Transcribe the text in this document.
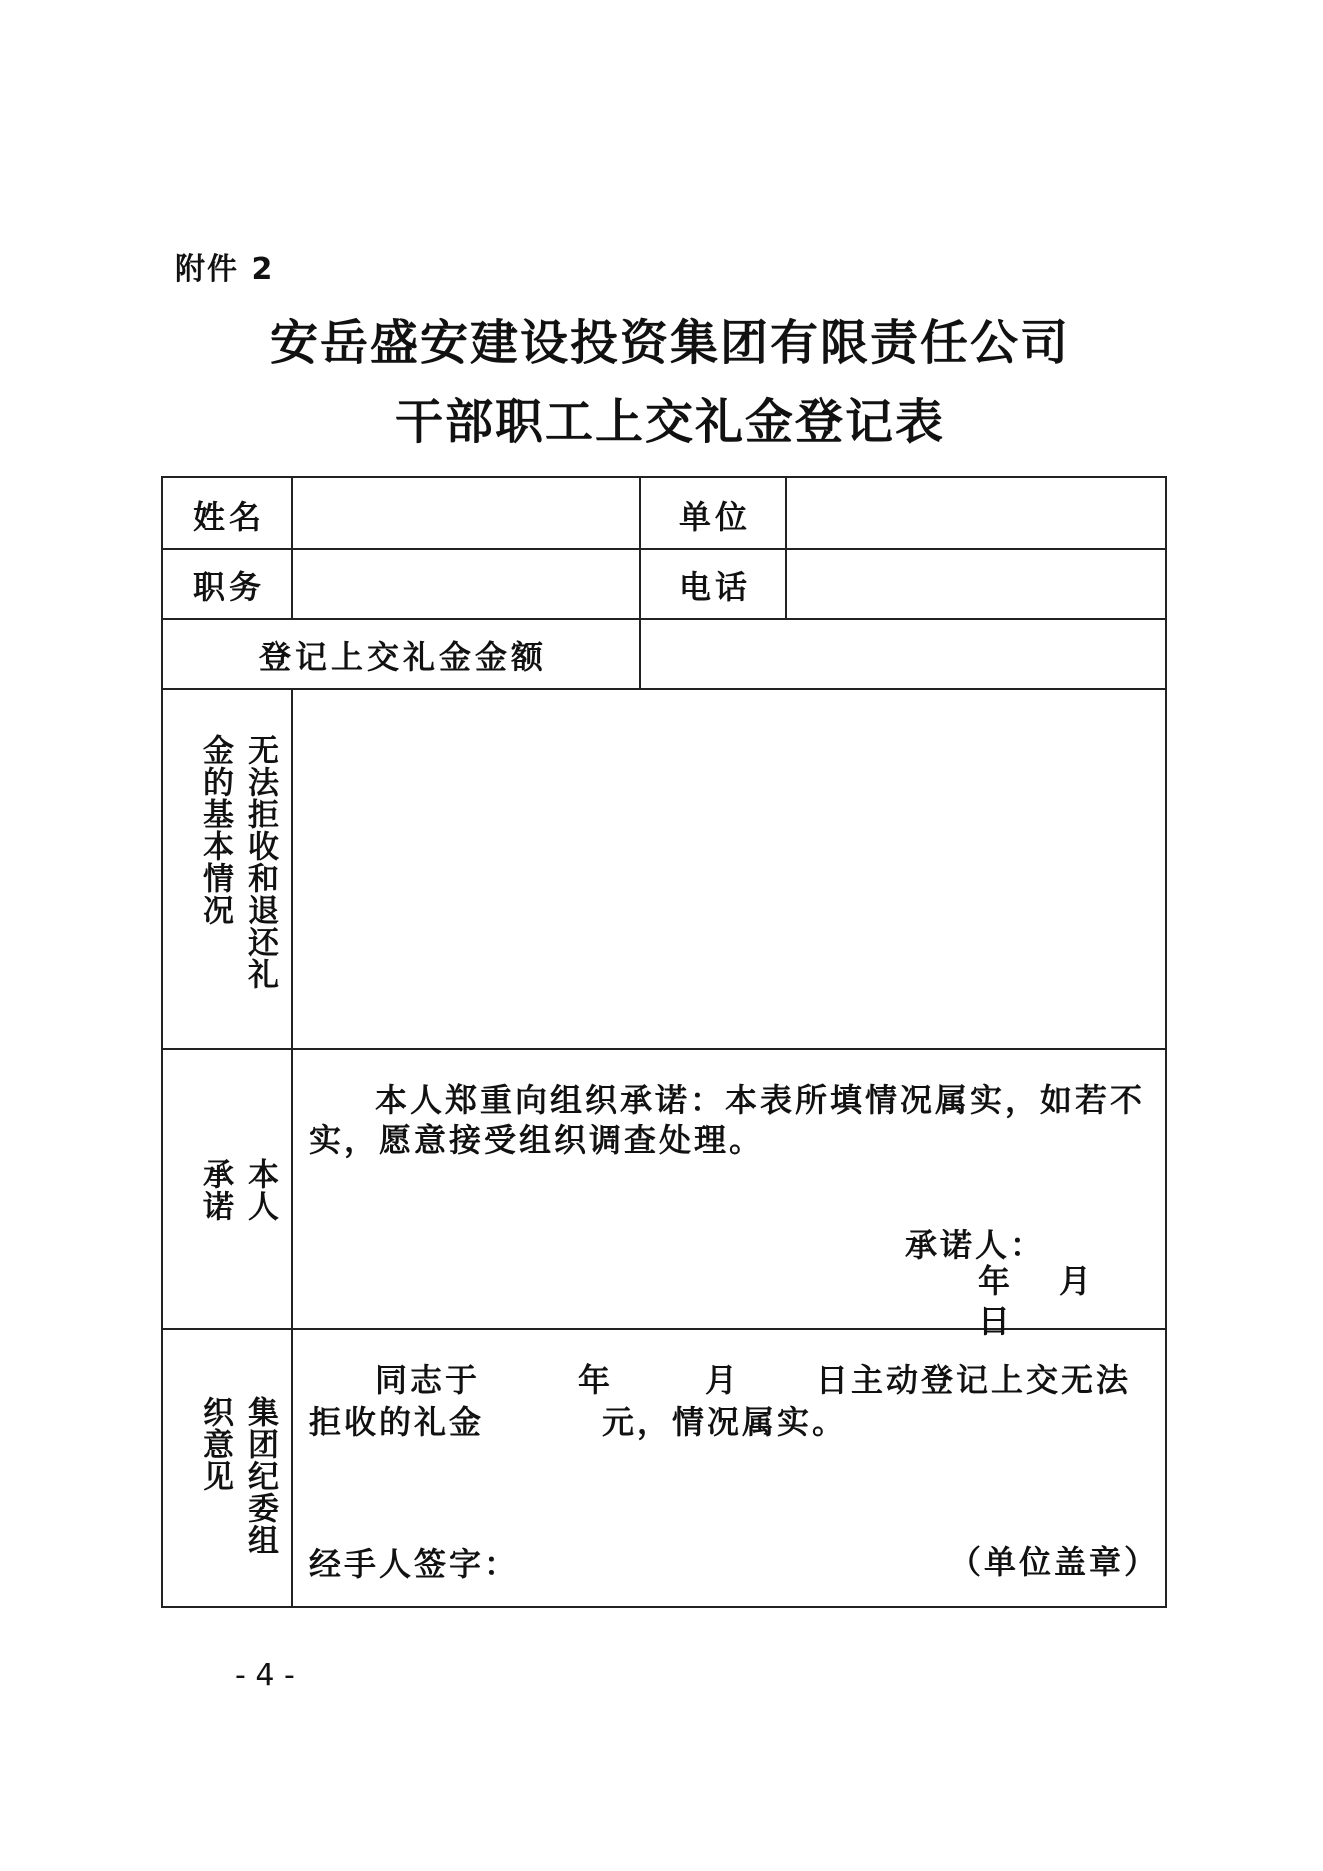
附件 2
安岳盛安建设投资集团有限责任公司
干部职工上交礼金登记表
姓名	单位
职务	电话
登记上交礼金金额
无法拒收和退还礼金的基本情况
本人承诺
本人郑重向组织承诺：本表所填情况属实，如若不实，愿意接受组织调查处理。
承诺人：
年 月日
集团纪委组织意见
同志于	年	月 日主动登记上交无法
拒收的礼金	元，情况属实。
经手人签字：	（单位盖章）
- 4 -
